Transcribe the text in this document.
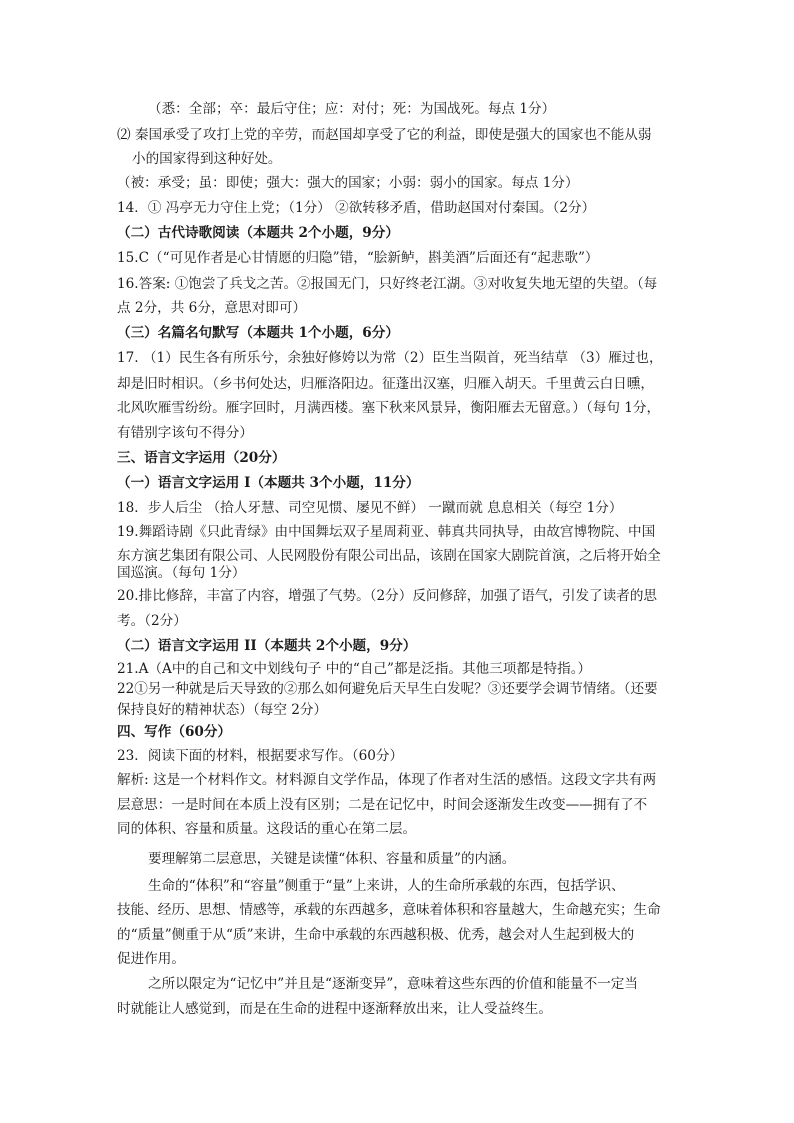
（悉：全部；卒：最后守住；应：对付；死：为国战死。每点 1分）
⑵ 秦国承受了攻打上党的辛劳，而赵国却享受了它的利益，即使是强大的国家也不能从弱
小的国家得到这种好处。
（被：承受；虽：即使；强大：强大的国家；小弱：弱小的国家。每点 1分）
14．① 冯亭无力守住上党；（1分） ②欲转移矛盾，借助赵国对付秦国。（2分）
（二）古代诗歌阅读（本题共 2个小题，9分）
15.C（“可见作者是心甘情愿的归隐”错，“脍新鲈，斟美酒”后面还有“起悲歌”）
16.答案: ①饱尝了兵戈之苦。②报国无门，只好终老江湖。③对收复失地无望的失望。（每
点 2分，共 6分，意思对即可）
（三）名篇名句默写（本题共 1个小题，6分）
17. （1）民生各有所乐兮，余独好修姱以为常（2）臣生当陨首，死当结草 （3）雁过也，
却是旧时相识。（乡书何处达，归雁洛阳边。征蓬出汉塞，归雁入胡天。千里黄云白日曛，
北风吹雁雪纷纷。雁字回时，月满西楼。塞下秋来风景异，衡阳雁去无留意。）（每句 1分，
有错别字该句不得分）
三、语言文字运用（20分）
（一）语言文字运用 I（本题共 3个小题，11分）
18．步人后尘 （拾人牙慧、司空见惯、屡见不鲜） 一蹴而就 息息相关（每空 1分）
19.舞蹈诗剧《只此青绿》由中国舞坛双子星周莉亚、韩真共同执导，由故宫博物院、中国
东方演艺集团有限公司、人民网股份有限公司出品，该剧在国家大剧院首演，之后将开始全
国巡演。（每句 1分）
20.排比修辞，丰富了内容，增强了气势。（2分）反问修辞，加强了语气，引发了读者的思
考。（2分）
（二）语言文字运用 II（本题共 2个小题，9分）
21.A（A中的自己和文中划线句子 中的“自己”都是泛指。其他三项都是特指。）
22①另一种就是后天导致的②那么如何避免后天早生白发呢？③还要学会调节情绪。（还要
保持良好的精神状态）（每空 2分）
四、写作（60分）
23．阅读下面的材料，根据要求写作。（60分）
解析: 这是一个材料作文。材料源自文学作品，体现了作者对生活的感悟。这段文字共有两
层意思：一是时间在本质上没有区别；二是在记忆中，时间会逐渐发生改变——拥有了不
同的体积、容量和质量。这段话的重心在第二层。
要理解第二层意思，关键是读懂“体积、容量和质量”的内涵。
生命的“体积”和“容量”侧重于“量”上来讲，人的生命所承载的东西，包括学识、
技能、经历、思想、情感等，承载的东西越多，意味着体积和容量越大，生命越充实；生命
的“质量”侧重于从“质”来讲，生命中承载的东西越积极、优秀，越会对人生起到极大的
促进作用。
之所以限定为“记忆中”并且是“逐渐变异”，意味着这些东西的价值和能量不一定当
时就能让人感觉到，而是在生命的进程中逐渐释放出来，让人受益终生。
